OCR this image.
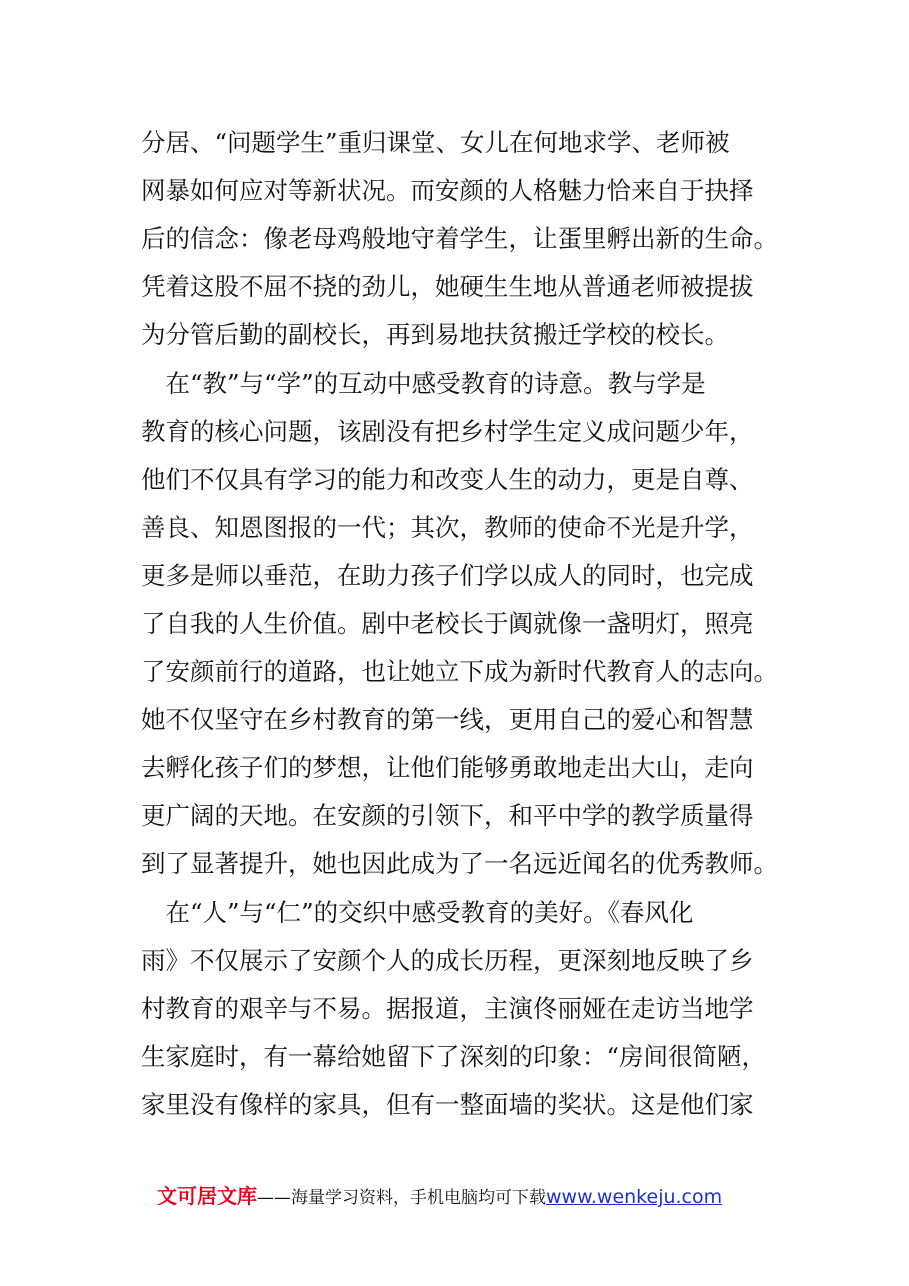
分居、“问题学生”重归课堂、女儿在何地求学、老师被
网暴如何应对等新状况。而安颜的人格魅力恰来自于抉择
后的信念：像老母鸡般地守着学生，让蛋里孵出新的生命。
凭着这股不屈不挠的劲儿，她硬生生地从普通老师被提拔
为分管后勤的副校长，再到易地扶贫搬迁学校的校长。
　在“教”与“学”的互动中感受教育的诗意。教与学是
教育的核心问题，该剧没有把乡村学生定义成问题少年，
他们不仅具有学习的能力和改变人生的动力，更是自尊、
善良、知恩图报的一代；其次，教师的使命不光是升学，
更多是师以垂范，在助力孩子们学以成人的同时，也完成
了自我的人生价值。剧中老校长于阗就像一盏明灯，照亮
了安颜前行的道路，也让她立下成为新时代教育人的志向。
她不仅坚守在乡村教育的第一线，更用自己的爱心和智慧
去孵化孩子们的梦想，让他们能够勇敢地走出大山，走向
更广阔的天地。在安颜的引领下，和平中学的教学质量得
到了显著提升，她也因此成为了一名远近闻名的优秀教师。
　在“人”与“仁”的交织中感受教育的美好。《春风化
雨》不仅展示了安颜个人的成长历程，更深刻地反映了乡
村教育的艰辛与不易。据报道，主演佟丽娅在走访当地学
生家庭时，有一幕给她留下了深刻的印象：“房间很简陋，
家里没有像样的家具，但有一整面墙的奖状。这是他们家
文可居文库——海量学习资料，手机电脑均可下载www.wenkeju.com
